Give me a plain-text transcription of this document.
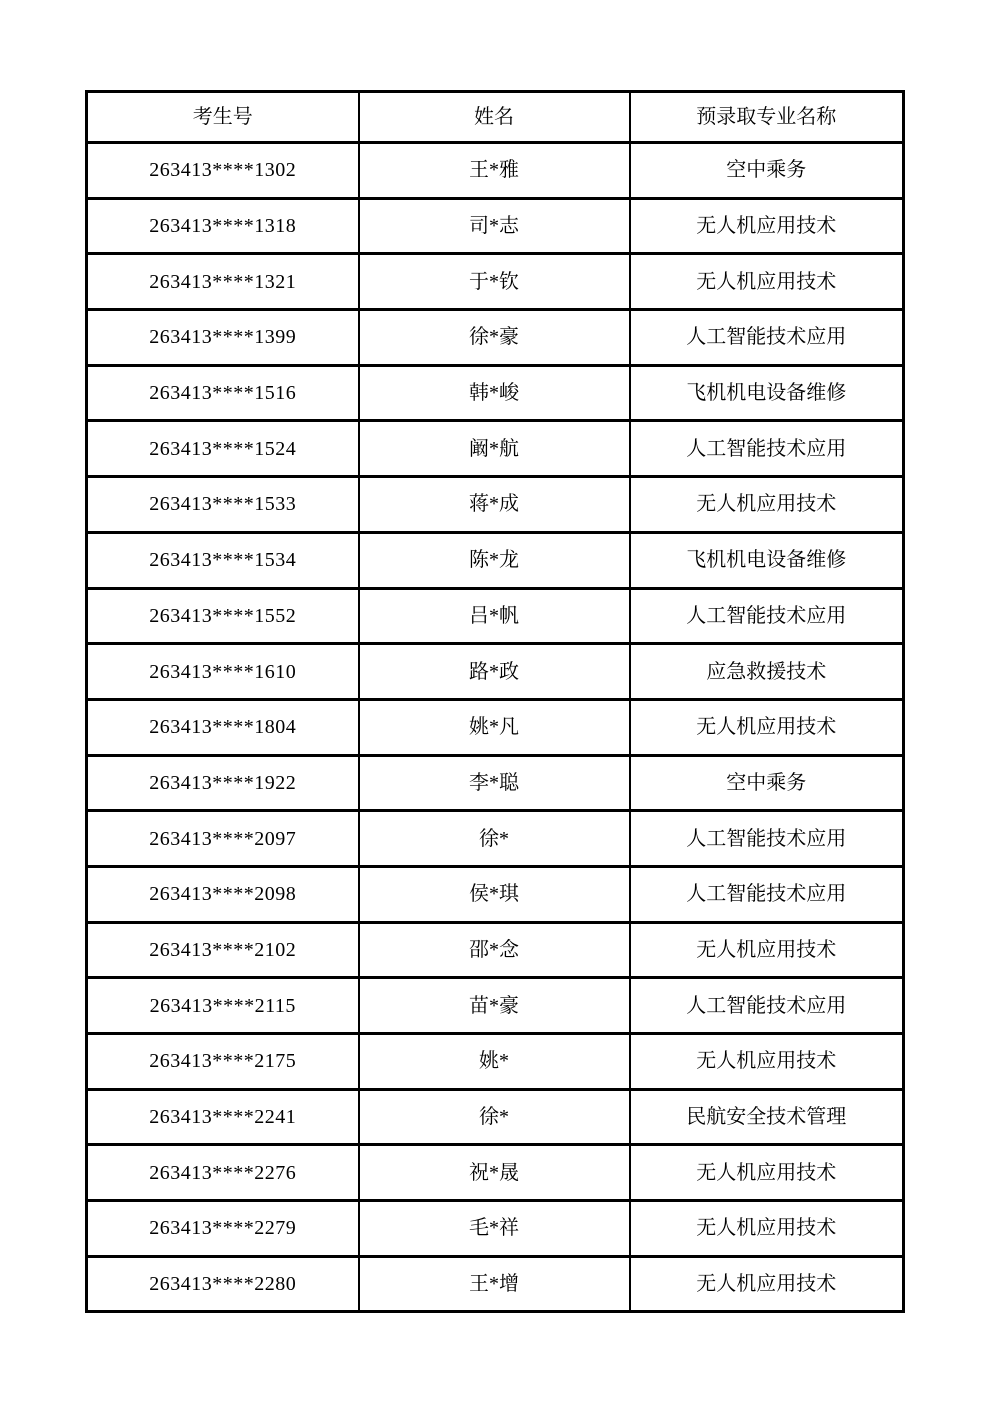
考生号	姓名	预录取专业名称
263413****1302	王*雅	空中乘务
263413****1318	司*志	无人机应用技术
263413****1321	于*钦	无人机应用技术
263413****1399	徐*豪	人工智能技术应用
263413****1516	韩*峻	飞机机电设备维修
263413****1524	阚*航	人工智能技术应用
263413****1533	蒋*成	无人机应用技术
263413****1534	陈*龙	飞机机电设备维修
263413****1552	吕*帆	人工智能技术应用
263413****1610	路*政	应急救援技术
263413****1804	姚*凡	无人机应用技术
263413****1922	李*聪	空中乘务
263413****2097	徐*	人工智能技术应用
263413****2098	侯*琪	人工智能技术应用
263413****2102	邵*念	无人机应用技术
263413****2115	苗*豪	人工智能技术应用
263413****2175	姚*	无人机应用技术
263413****2241	徐*	民航安全技术管理
263413****2276	祝*晟	无人机应用技术
263413****2279	毛*祥	无人机应用技术
263413****2280	王*增	无人机应用技术
